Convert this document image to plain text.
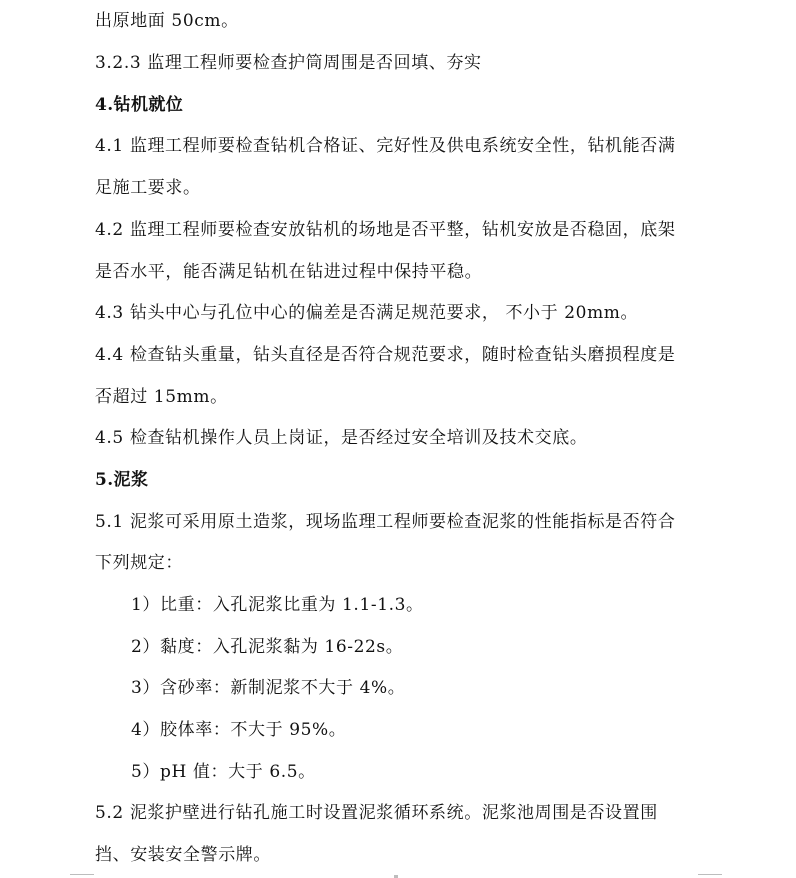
出原地面 50cm。
3.2.3 监理工程师要检查护筒周围是否回填、夯实
4.钻机就位
4.1 监理工程师要检查钻机合格证、完好性及供电系统安全性，钻机能否满
足施工要求。
4.2 监理工程师要检查安放钻机的场地是否平整，钻机安放是否稳固，底架
是否水平，能否满足钻机在钻进过程中保持平稳。
4.3 钻头中心与孔位中心的偏差是否满足规范要求， 不小于 20mm。
4.4 检查钻头重量，钻头直径是否符合规范要求，随时检查钻头磨损程度是
否超过 15mm。
4.5 检查钻机操作人员上岗证，是否经过安全培训及技术交底。
5.泥浆
5.1 泥浆可采用原土造浆，现场监理工程师要检查泥浆的性能指标是否符合
下列规定：
1）比重：入孔泥浆比重为 1.1-1.3。
2）黏度：入孔泥浆黏为 16-22s。
3）含砂率：新制泥浆不大于 4%。
4）胶体率：不大于 95%。
5）pH 值：大于 6.5。
5.2 泥浆护壁进行钻孔施工时设置泥浆循环系统。泥浆池周围是否设置围
挡、安装安全警示牌。
